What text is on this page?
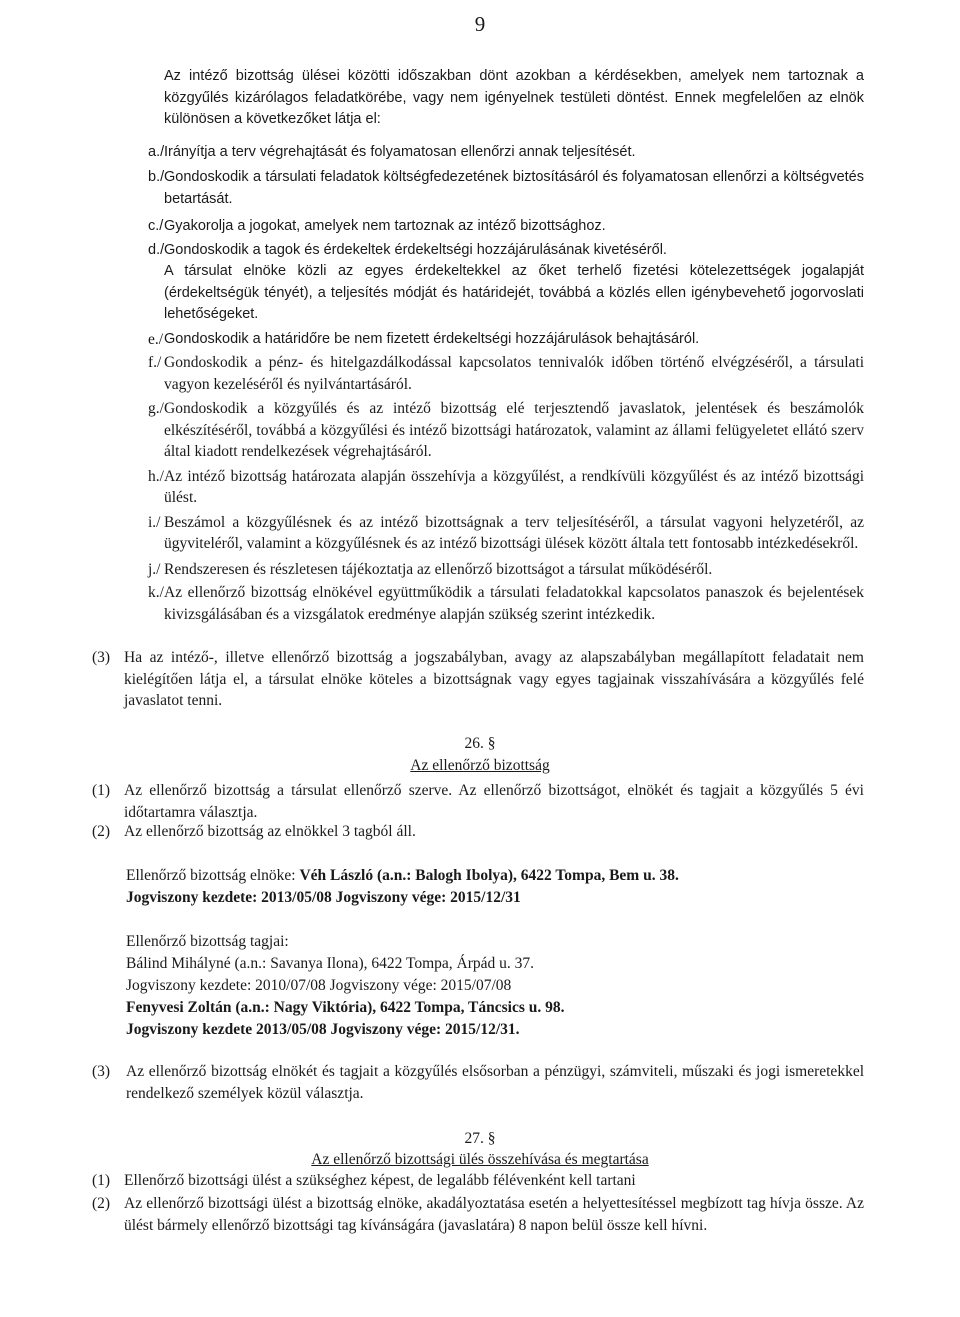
9
Az intéző bizottság ülései közötti időszakban dönt azokban a kérdésekben, amelyek nem tartoznak a közgyűlés kizárólagos feladatkörébe, vagy nem igényelnek testületi döntést. Ennek megfelelően az elnök különösen a következőket látja el:
a./ Irányítja a terv végrehajtását és folyamatosan ellenőrzi annak teljesítését.
b./ Gondoskodik a társulati feladatok költségfedezetének biztosításáról és folyamatosan ellenőrzi a költségvetés betartását.
c./ Gyakorolja a jogokat, amelyek nem tartoznak az intéző bizottsághoz.
d./ Gondoskodik a tagok és érdekeltek érdekeltségi hozzájárulásának kivetéséről.
A társulat elnöke közli az egyes érdekeltekkel az őket terhelő fizetési kötelezettségek jogalapját (érdekeltségük tényét), a teljesítés módját és határidejét, továbbá a közlés ellen igénybevehető jogorvoslati lehetőségeket.
e./ Gondoskodik a határidőre be nem fizetett érdekeltségi hozzájárulások behajtásáról.
f./ Gondoskodik a pénz- és hitelgazdálkodással kapcsolatos tennivalók időben történő elvégzéséről, a társulati vagyon kezeléséről és nyilvántartásáról.
g./ Gondoskodik a közgyűlés és az intéző bizottság elé terjesztendő javaslatok, jelentések és beszámolók elkészítéséről, továbbá a közgyűlési és intéző bizottsági határozatok, valamint az állami felügyeletet ellátó szerv által kiadott rendelkezések végrehajtásáról.
h./ Az intéző bizottság határozata alapján összehívja a közgyűlést, a rendkívüli közgyűlést és az intéző bizottsági ülést.
i./ Beszámol a közgyűlésnek és az intéző bizottságnak a terv teljesítéséről, a társulat vagyoni helyzetéről, az ügyviteléről, valamint a közgyűlésnek és az intéző bizottsági ülések között általa tett fontosabb intézkedésekről.
j./ Rendszeresen és részletesen tájékoztatja az ellenőrző bizottságot a társulat működéséről.
k./ Az ellenőrző bizottság elnökével együttműködik a társulati feladatokkal kapcsolatos panaszok és bejelentések kivizsgálásában és a vizsgálatok eredménye alapján szükség szerint intézkedik.
(3) Ha az intéző-, illetve ellenőrző bizottság a jogszabályban, avagy az alapszabályban megállapított feladatait nem kielégítően látja el, a társulat elnöke köteles a bizottságnak vagy egyes tagjainak visszahívására a közgyűlés felé javaslatot tenni.
26. §
Az ellenőrző bizottság
(1) Az ellenőrző bizottság a társulat ellenőrző szerve. Az ellenőrző bizottságot, elnökét és tagjait a közgyűlés 5 évi időtartamra választja.
(2) Az ellenőrző bizottság az elnökkel 3 tagból áll.
Ellenőrző bizottság elnöke: Véh László (a.n.: Balogh Ibolya), 6422 Tompa, Bem u. 38.
Jogviszony kezdete: 2013/05/08 Jogviszony vége: 2015/12/31
Ellenőrző bizottság tagjai:
Bálind Mihályné (a.n.: Savanya Ilona), 6422 Tompa, Árpád u. 37.
Jogviszony kezdete: 2010/07/08 Jogviszony vége: 2015/07/08
Fenyvesi Zoltán (a.n.: Nagy Viktória), 6422 Tompa, Táncsics u. 98.
Jogviszony kezdete 2013/05/08 Jogviszony vége: 2015/12/31.
(3)	Az ellenőrző bizottság elnökét és tagjait a közgyűlés elsősorban a pénzügyi, számviteli, műszaki és jogi ismeretekkel rendelkező személyek közül választja.
27. §
Az ellenőrző bizottsági ülés összehívása és megtartása
(1) Ellenőrző bizottsági ülést a szükséghez képest, de legalább félévenként kell tartani
(2) Az ellenőrző bizottsági ülést a bizottság elnöke, akadályoztatása esetén a helyettesítéssel megbízott tag hívja össze. Az ülést bármely ellenőrző bizottsági tag kívánságára (javaslatára) 8 napon belül össze kell hívni.
